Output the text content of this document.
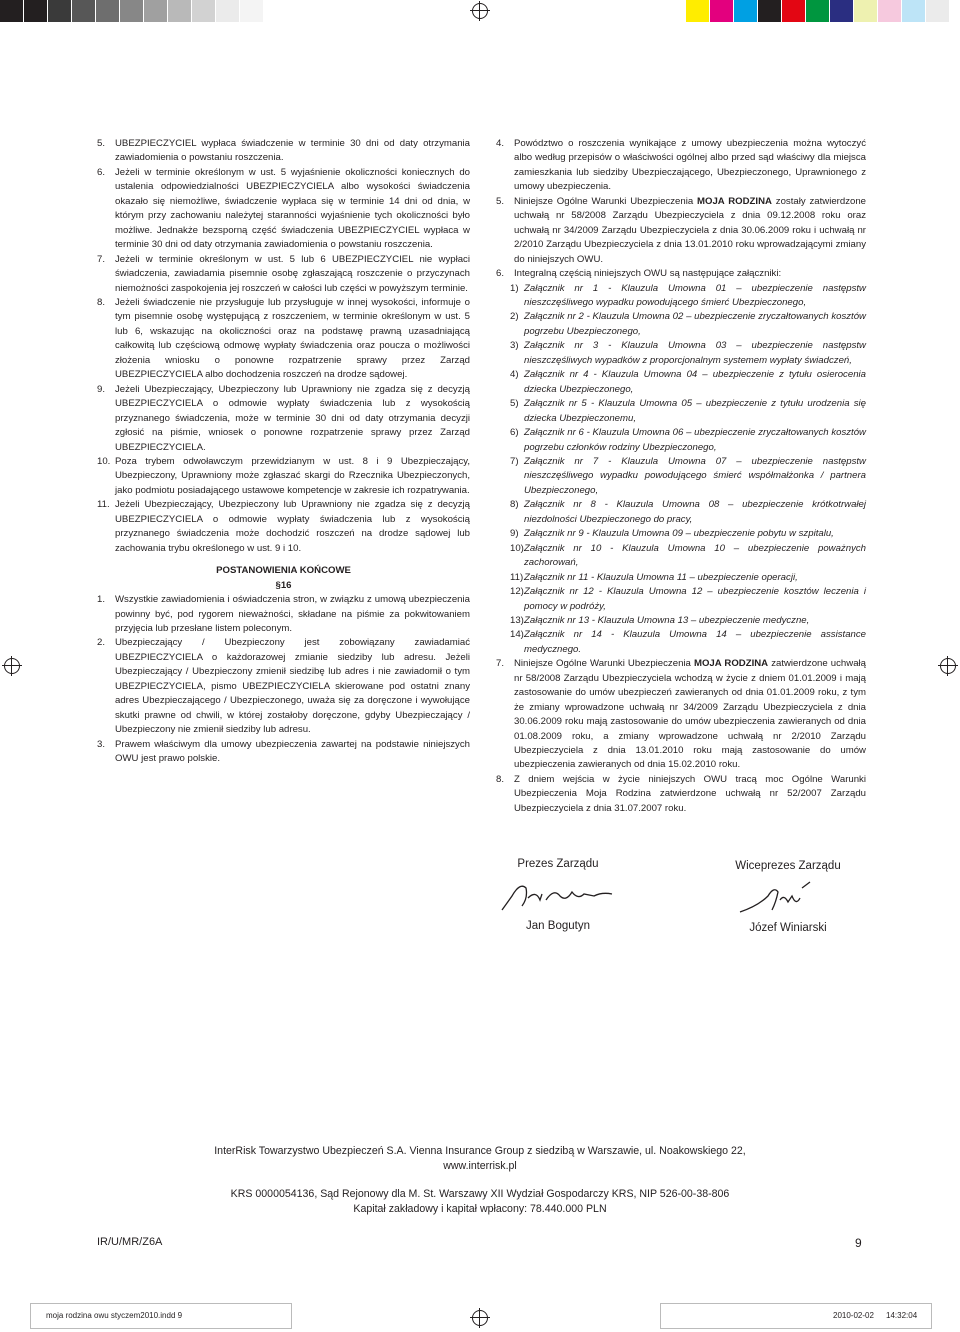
5. UBEZPIECZYCIEL wypłaca świadczenie w terminie 30 dni od daty otrzymania zawiadomienia o powstaniu roszczenia.

6. Jeżeli w terminie określonym w ust. 5 wyjaśnienie okoliczności koniecznych do ustalenia odpowiedzialności UBEZPIECZYCIELA albo wysokości świadczenia okazało się niemożliwe, świadczenie wypłaca się w terminie 14 dni od dnia, w którym przy zachowaniu należytej staranności wyjaśnienie tych okoliczności było możliwe. Jednakże bezsporną część świadczenia UBEZPIECZYCIEL wypłaca w terminie 30 dni od daty otrzymania zawiadomienia o powstaniu roszczenia.

7. Jeżeli w terminie określonym w ust. 5 lub 6 UBEZPIECZYCIEL nie wypłaci świadczenia, zawiadamia pisemnie osobę zgłaszającą roszczenie o przyczynach niemożności zaspokojenia jej roszczeń w całości lub części w powyższym terminie.

8. Jeżeli świadczenie nie przysługuje lub przysługuje w innej wysokości, informuje o tym pisemnie osobę występującą z roszczeniem, w terminie określonym w ust. 5 lub 6, wskazując na okoliczności oraz na podstawę prawną uzasadniającą całkowitą lub częściową odmowę wypłaty świadczenia oraz poucza o możliwości złożenia wniosku o ponowne rozpatrzenie sprawy przez Zarząd UBEZPIECZYCIELA albo dochodzenia roszczeń na drodze sądowej.

9. Jeżeli Ubezpieczający, Ubezpieczony lub Uprawniony nie zgadza się z decyzją UBEZPIECZYCIELA o odmowie wypłaty świadczenia lub z wysokością przyznanego świadczenia, może w terminie 30 dni od daty otrzymania decyzji zgłosić na piśmie, wniosek o ponowne rozpatrzenie sprawy przez Zarząd UBEZPIECZYCIELA.

10. Poza trybem odwoławczym przewidzianym w ust. 8 i 9 Ubezpieczający, Ubezpieczony, Uprawniony może zgłaszać skargi do Rzecznika Ubezpieczonych, jako podmiotu posiadającego ustawowe kompetencje w zakresie ich rozpatrywania.

11. Jeżeli Ubezpieczający, Ubezpieczony lub Uprawniony nie zgadza się z decyzją UBEZPIECZYCIELA o odmowie wypłaty świadczenia lub z wysokością przyznanego świadczenia może dochodzić roszczeń na drodze sądowej lub zachowania trybu określonego w ust. 9 i 10.

POSTANOWIENIA KOŃCOWE
§16

1. Wszystkie zawiadomienia i oświadczenia stron, w związku z umową ubezpieczenia powinny być, pod rygorem nieważności, składane na piśmie za pokwitowaniem przyjęcia lub przesłane listem poleconym.

2. Ubezpieczający / Ubezpieczony jest zobowiązany zawiadamiać UBEZPIECZYCIELA o każdorazowej zmianie siedziby lub adresu. Jeżeli Ubezpieczający / Ubezpieczony zmienił siedzibę lub adres i nie zawiadomił o tym UBEZPIECZYCIELA, pismo UBEZPIECZYCIELA skierowane pod ostatni znany adres Ubezpieczającego / Ubezpieczonego, uważa się za doręczone i wywołujące skutki prawne od chwili, w której zostałoby doręczone, gdyby Ubezpieczający / Ubezpieczony nie zmienił siedziby lub adresu.

3. Prawem właściwym dla umowy ubezpieczenia zawartej na podstawie niniejszych OWU jest prawo polskie.

4. Powództwo o roszczenia wynikające z umowy ubezpieczenia można wytoczyć albo według przepisów o właściwości ogólnej albo przed sąd właściwy dla miejsca zamieszkania lub siedziby Ubezpieczającego, Ubezpieczonego, Uprawnionego z umowy ubezpieczenia.

5. Niniejsze Ogólne Warunki Ubezpieczenia MOJA RODZINA zostały zatwierdzone uchwałą nr 58/2008 Zarządu Ubezpieczyciela z dnia 09.12.2008 roku oraz uchwałą nr 34/2009 Zarządu Ubezpieczyciela z dnia 30.06.2009 roku i uchwałą nr 2/2010 Zarządu Ubezpieczyciela z dnia 13.01.2010 roku wprowadzającymi zmiany do niniejszych OWU.

6. Integralną częścią niniejszych OWU są następujące załączniki:

1) Załącznik nr 1 - Klauzula Umowna 01 – ubezpieczenie następstw nieszczęśliwego wypadku powodującego śmierć Ubezpieczonego,

2) Załącznik nr 2 - Klauzula Umowna 02 – ubezpieczenie zryczałtowanych kosztów pogrzebu Ubezpieczonego,

3) Załącznik nr 3 - Klauzula Umowna 03 – ubezpieczenie następstw nieszczęśliwych wypadków z proporcjonalnym systemem wypłaty świadczeń,

4) Załącznik nr 4 - Klauzula Umowna 04 – ubezpieczenie z tytułu osierocenia dziecka Ubezpieczonego,

5) Załącznik nr 5 - Klauzula Umowna 05 – ubezpieczenie z tytułu urodzenia się dziecka Ubezpieczonemu,

6) Załącznik nr 6 - Klauzula Umowna 06 – ubezpieczenie zryczałtowanych kosztów pogrzebu członków rodziny Ubezpieczonego,

7) Załącznik nr 7 - Klauzula Umowna 07 – ubezpieczenie następstw nieszczęśliwego wypadku powodującego śmierć współmałżonka / partnera Ubezpieczonego,

8) Załącznik nr 8 - Klauzula Umowna 08 – ubezpieczenie krótkotrwałej niezdolności Ubezpieczonego do pracy,

9) Załącznik nr 9 - Klauzula Umowna 09 – ubezpieczenie pobytu w szpitalu,

10) Załącznik nr 10 - Klauzula Umowna 10 – ubezpieczenie poważnych zachorowań,

11) Załącznik nr 11 - Klauzula Umowna 11 – ubezpieczenie operacji,

12) Załącznik nr 12 - Klauzula Umowna 12 – ubezpieczenie kosztów leczenia i pomocy w podróży,

13) Załącznik nr 13 - Klauzula Umowna 13 – ubezpieczenie medyczne,

14) Załącznik nr 14 - Klauzula Umowna 14 – ubezpieczenie assistance medycznego.

7. Niniejsze Ogólne Warunki Ubezpieczenia MOJA RODZINA zatwierdzone uchwałą nr 58/2008 Zarządu Ubezpieczyciela wchodzą w życie z dniem 01.01.2009 i mają zastosowanie do umów ubezpieczeń zawieranych od dnia 01.01.2009 roku, z tym że zmiany wprowadzone uchwałą nr 34/2009 Zarządu Ubezpieczyciela z dnia 30.06.2009 roku mają zastosowanie do umów ubezpieczenia zawieranych od dnia 01.08.2009 roku, a zmiany wprowadzone uchwałą nr 2/2010 Zarządu Ubezpieczyciela z dnia 13.01.2010 roku mają zastosowanie do umów ubezpieczenia zawieranych od dnia 15.02.2010 roku.

8. Z dniem wejścia w życie niniejszych OWU tracą moc Ogólne Warunki Ubezpieczenia Moja Rodzina zatwierdzone uchwałą nr 52/2007 Zarządu Ubezpieczyciela z dnia 31.07.2007 roku.

Prezes Zarządu
Jan Bogutyn
Wiceprezes Zarządu
Józef Winiarski
InterRisk Towarzystwo Ubezpieczeń S.A. Vienna Insurance Group z siedzibą w Warszawie, ul. Noakowskiego 22,
www.interrisk.pl
KRS 0000054136, Sąd Rejonowy dla M. St. Warszawy XII Wydział Gospodarczy KRS, NIP 526-00-38-806
Kapitał zakładowy i kapitał wpłacony: 78.440.000 PLN
IR/U/MR/Z6A	9
moja rodzina owu styczem2010.indd 9	2010-02-02 14:32:04
